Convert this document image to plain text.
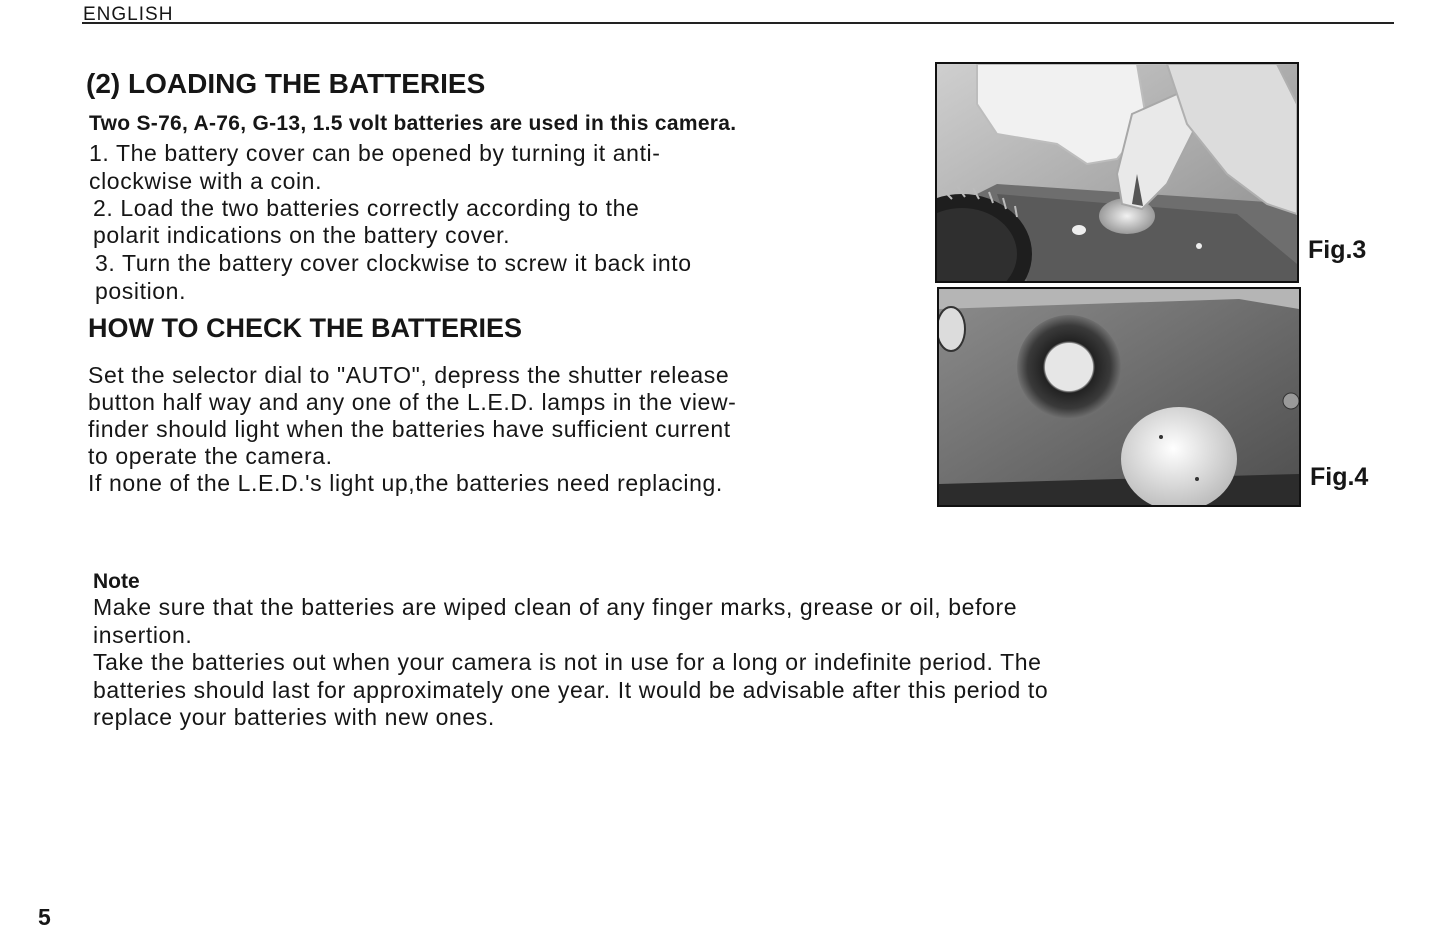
ENGLISH
(2) LOADING THE BATTERIES
Two S-76, A-76, G-13, 1.5 volt batteries are used in this camera.
1. The battery cover can be opened by turning it anti-
clockwise with a coin.
2. Load the two batteries correctly according to the
polarit indications on the battery cover.
3. Turn the battery cover clockwise to screw it back into
position.
HOW TO CHECK THE BATTERIES
Set the selector dial to "AUTO", depress the shutter release
button half way and any one of the L.E.D. lamps in the view-
finder should light when the batteries have sufficient current
to operate the camera.
If none of the L.E.D.'s light up,the batteries need replacing.
Fig.3
Fig.4
Note
Make sure that the batteries are wiped clean of any finger marks, grease or oil, before
insertion.
Take the batteries out when your camera is not in use for a long or indefinite period. The
batteries should last for approximately one year. It would be advisable after this period to
replace your batteries with new ones.
5
